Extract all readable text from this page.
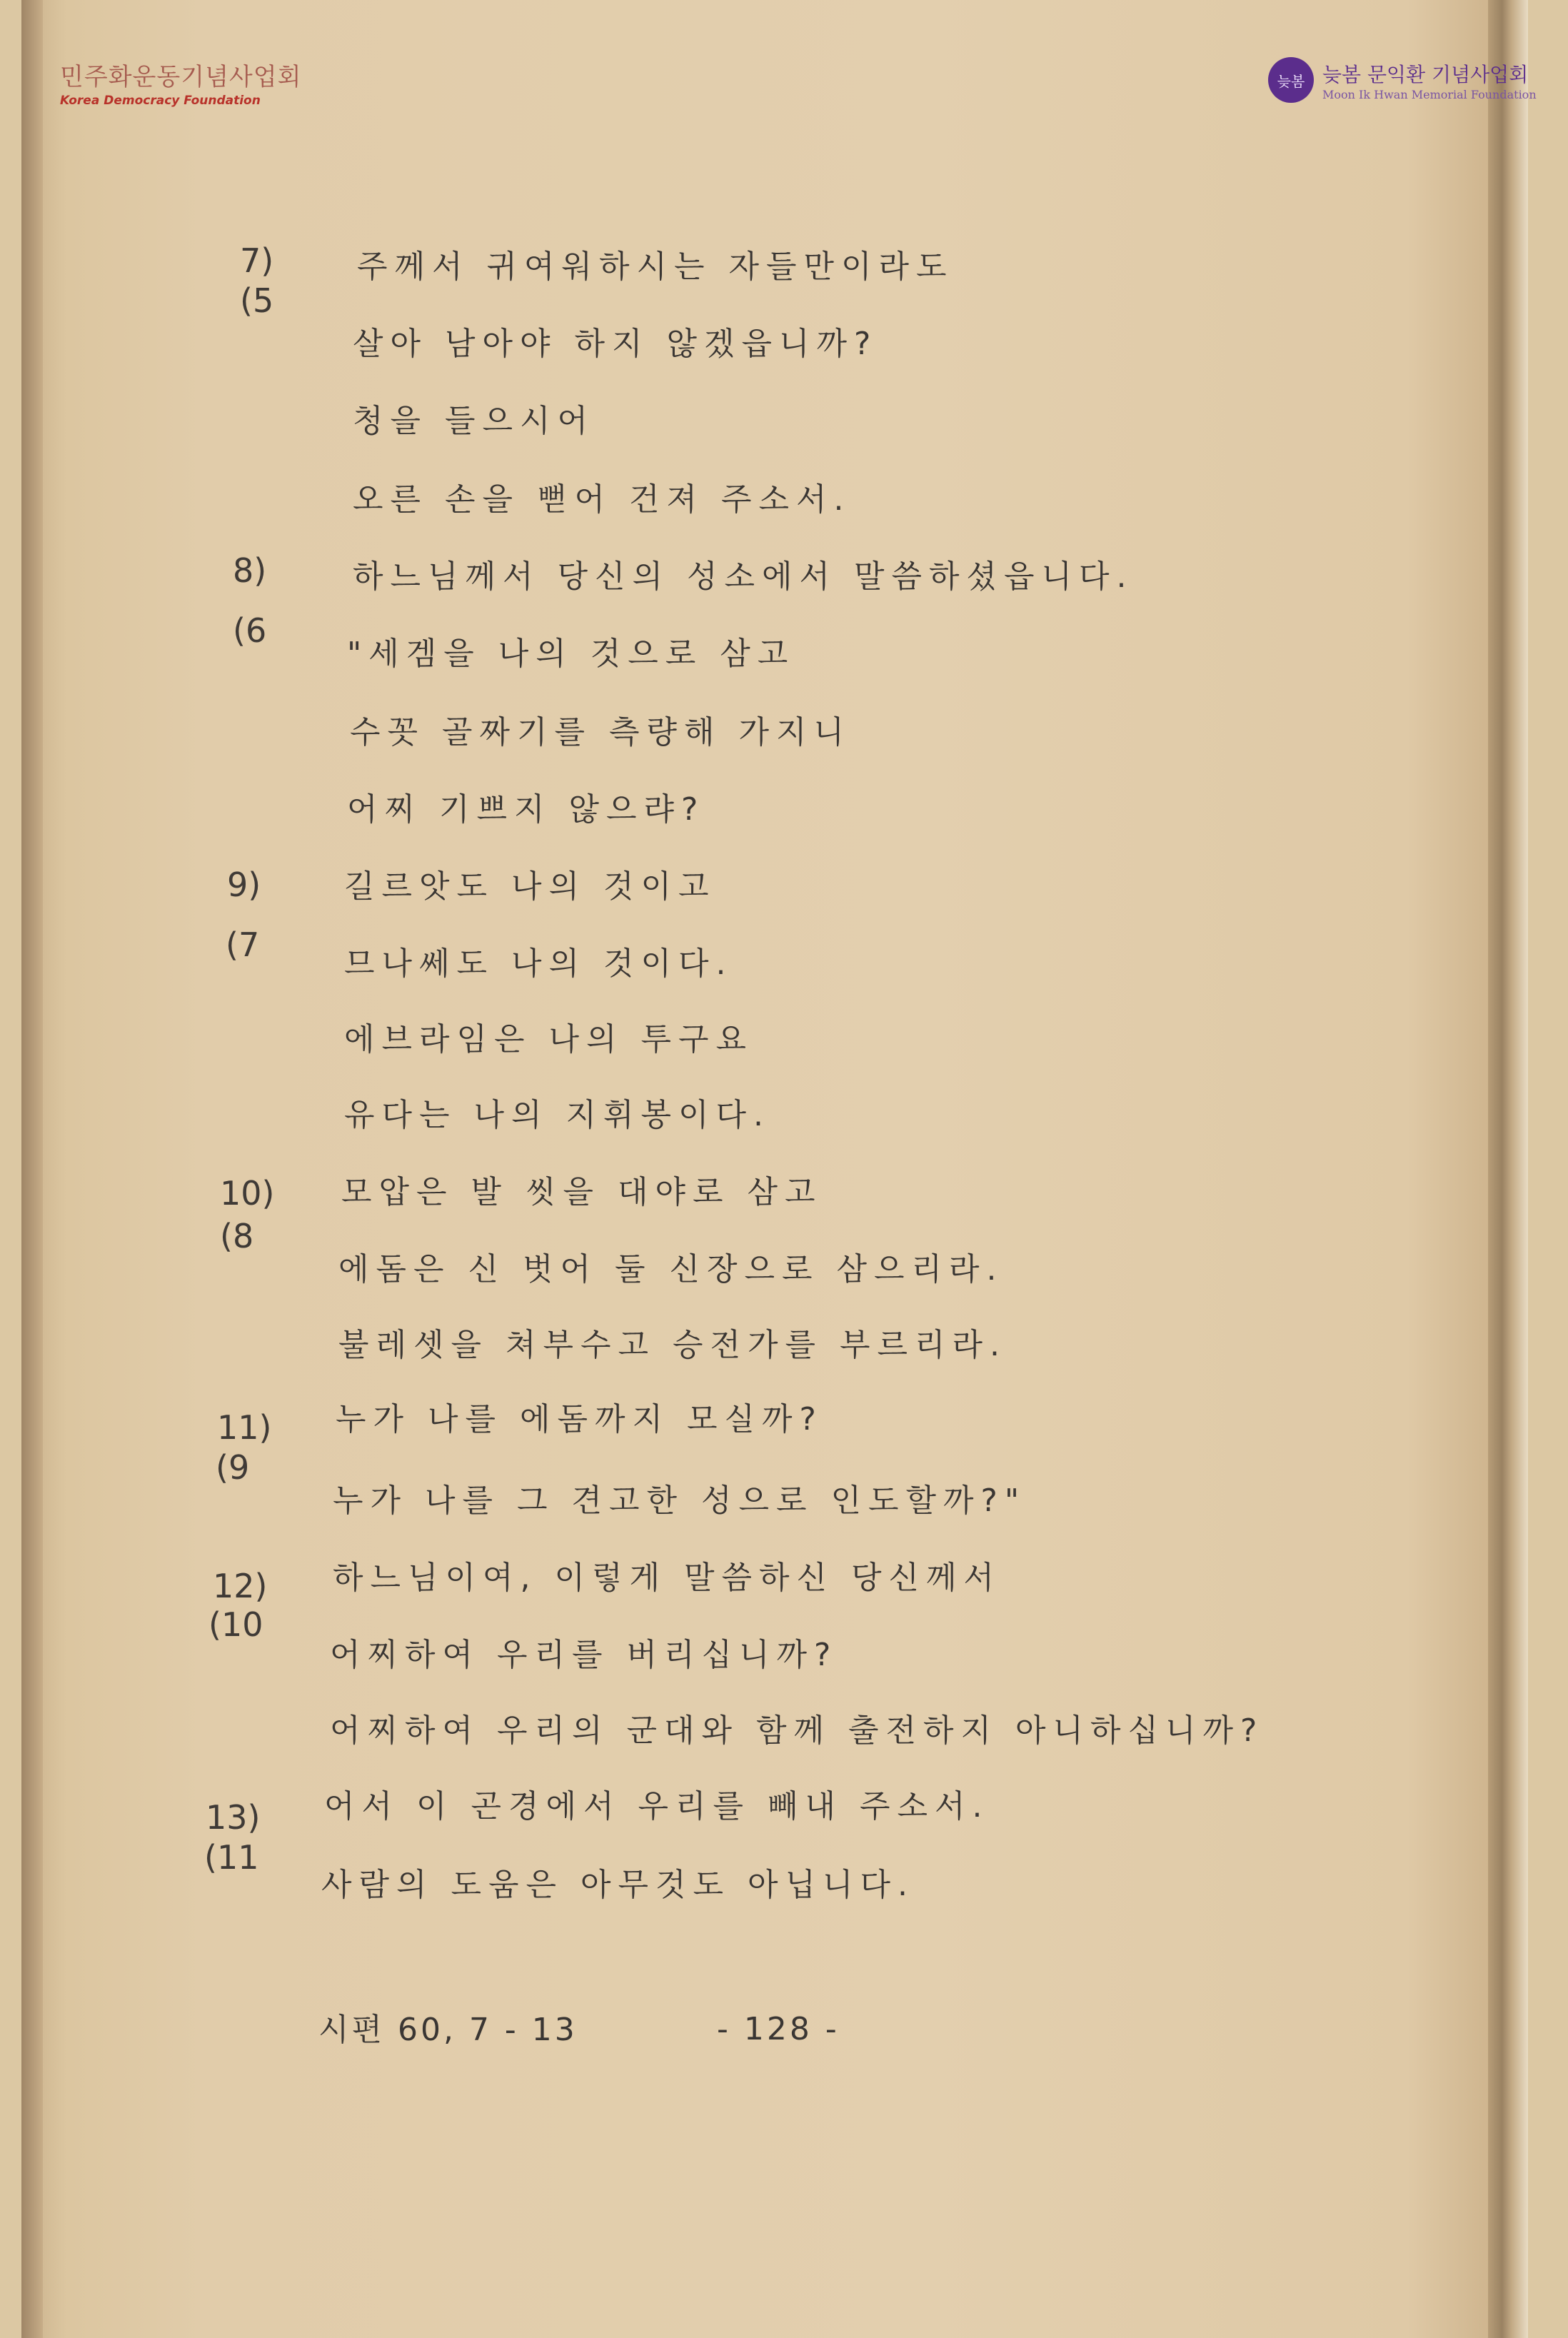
민주화운동기념사업회
Korea Democracy Foundation
늦봄 늦봄 문익환 기념사업회
Moon Ik Hwan Memorial Foundation
7)
(5
주께서 귀여워하시는 자들만이라도
살아 남아야 하지 않겠읍니까?
청을 들으시어
오른 손을 뻗어 건져 주소서.
8)
(6
하느님께서 당신의 성소에서 말씀하셨읍니다.
"세겜을 나의 것으로 삼고
수꼿 골짜기를 측량해 가지니
어찌 기쁘지 않으랴?
9)
(7
길르앗도 나의 것이고
므나쎄도 나의 것이다.
에브라임은 나의 투구요
유다는 나의 지휘봉이다.
10)
(8
모압은 발 씻을 대야로 삼고
에돔은 신 벗어 둘 신장으로 삼으리라.
불레셋을 쳐부수고 승전가를 부르리라.
11)
(9
누가 나를 에돔까지 모실까?
누가 나를 그 견고한 성으로 인도할까?"
12)
(10
하느님이여, 이렇게 말씀하신 당신께서
어찌하여 우리를 버리십니까?
어찌하여 우리의 군대와 함께 출전하지 아니하십니까?
13)
(11
어서 이 곤경에서 우리를 빼내 주소서.
사람의 도움은 아무것도 아닙니다.
시편 60, 7 - 13	- 128 -
